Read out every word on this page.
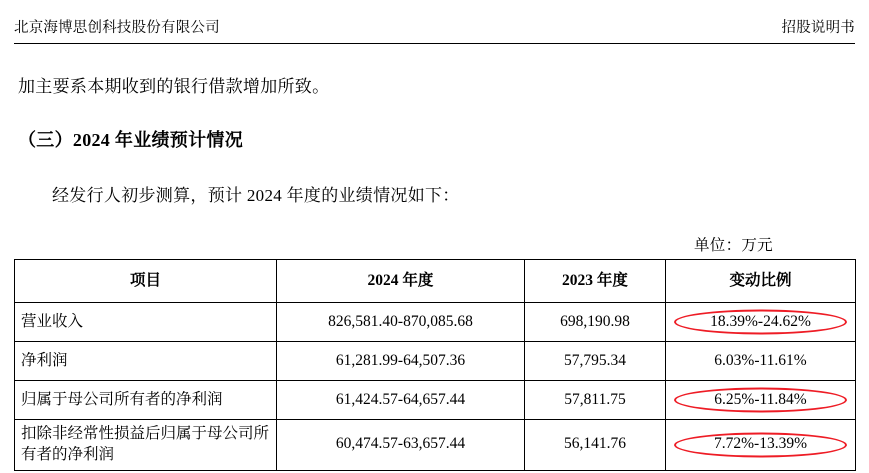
北京海博思创科技股份有限公司	招股说明书
加主要系本期收到的银行借款增加所致。
（三）2024 年业绩预计情况
经发行人初步测算，预计 2024 年度的业绩情况如下：
单位：万元
项目	2024 年度	2023 年度	变动比例
营业收入	826,581.40-870,085.68	698,190.98	18.39%-24.62%
净利润	61,281.99-64,507.36	57,795.34	6.03%-11.61%
归属于母公司所有者的净利润	61,424.57-64,657.44	57,811.75	6.25%-11.84%
扣除非经常性损益后归属于母公司所有者的净利润	60,474.57-63,657.44	56,141.76	7.72%-13.39%
